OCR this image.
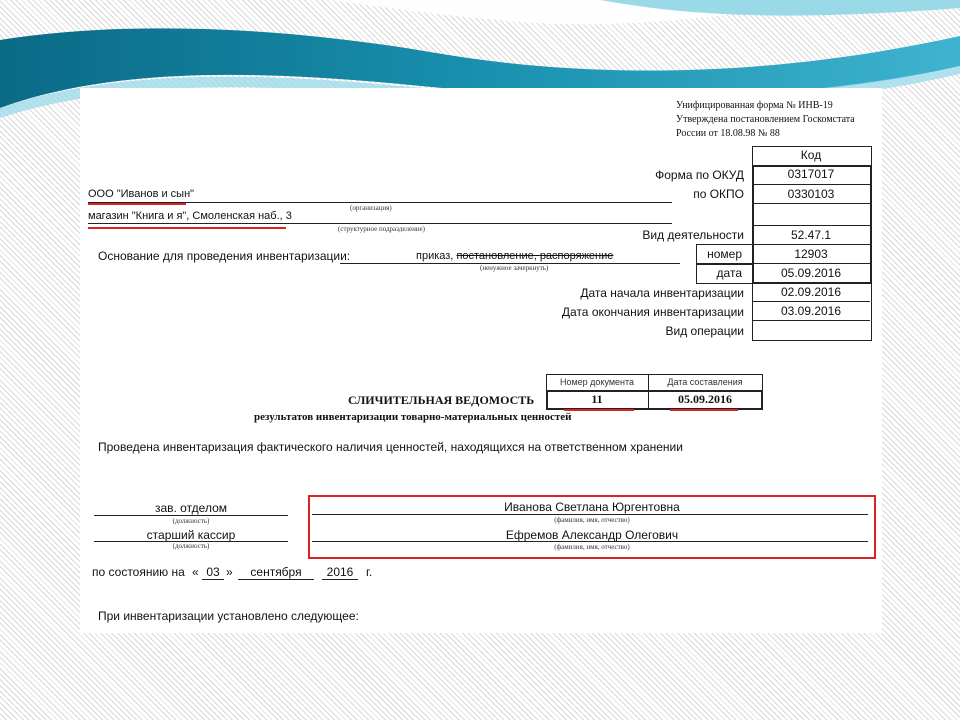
Унифицированная форма № ИНВ-19
Утверждена постановлением Госкомстата
России от 18.08.98 № 88
Код
Форма по ОКУД	0317017
по ОКПО	0330103
Вид деятельности	52.47.1
номер	12903
дата	05.09.2016
Дата начала инвентаризации	02.09.2016
Дата окончания инвентаризации	03.09.2016
Вид операции
ООО "Иванов и сын"
(организация)
магазин "Книга и я", Смоленская наб., 3
(структурное подразделение)
Основание для проведения инвентаризации:	приказ, постановление, распоряжение
(ненужное зачеркнуть)
Номер документа	Дата составления
11	05.09.2016
СЛИЧИТЕЛЬНАЯ ВЕДОМОСТЬ
результатов инвентаризации товарно-материальных ценностей
Проведена инвентаризация фактического наличия ценностей, находящихся на ответственном хранении
зав. отделом
(должность)
Иванова Светлана Юргентовна
(фамилия, имя, отчество)
старший кассир
(должность)
Ефремов Александр Олегович
(фамилия, имя, отчество)
по состоянию на « 03 »	сентября	2016	г.
При инвентаризации установлено следующее:
